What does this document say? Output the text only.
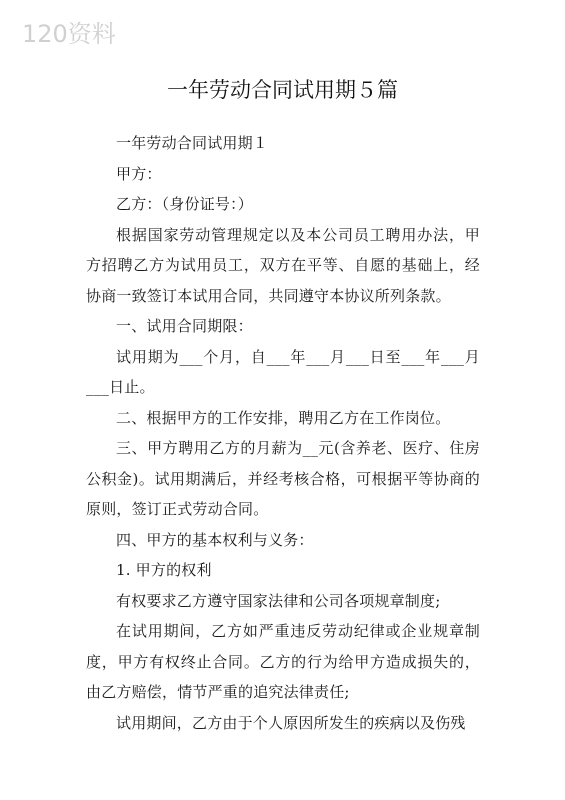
120资料
一年劳动合同试用期５篇

一年劳动合同试用期１

甲方：

乙方：（身份证号：）

根据国家劳动管理规定以及本公司员工聘用办法，甲方招聘乙方为试用员工，双方在平等、自愿的基础上，经协商一致签订本试用合同，共同遵守本协议所列条款。

一、试用合同期限：

试用期为___个月，自___年___月___日至___年___月___日止。

二、根据甲方的工作安排，聘用乙方在工作岗位。

三、甲方聘用乙方的月薪为__元(含养老、医疗、住房公积金)。试用期满后，并经考核合格，可根据平等协商的原则，签订正式劳动合同。

四、甲方的基本权利与义务：

1. 甲方的权利

有权要求乙方遵守国家法律和公司各项规章制度;

在试用期间，乙方如严重违反劳动纪律或企业规章制度，甲方有权终止合同。乙方的行为给甲方造成损失的，由乙方赔偿，情节严重的追究法律责任;

试用期间，乙方由于个人原因所发生的疾病以及伤残
